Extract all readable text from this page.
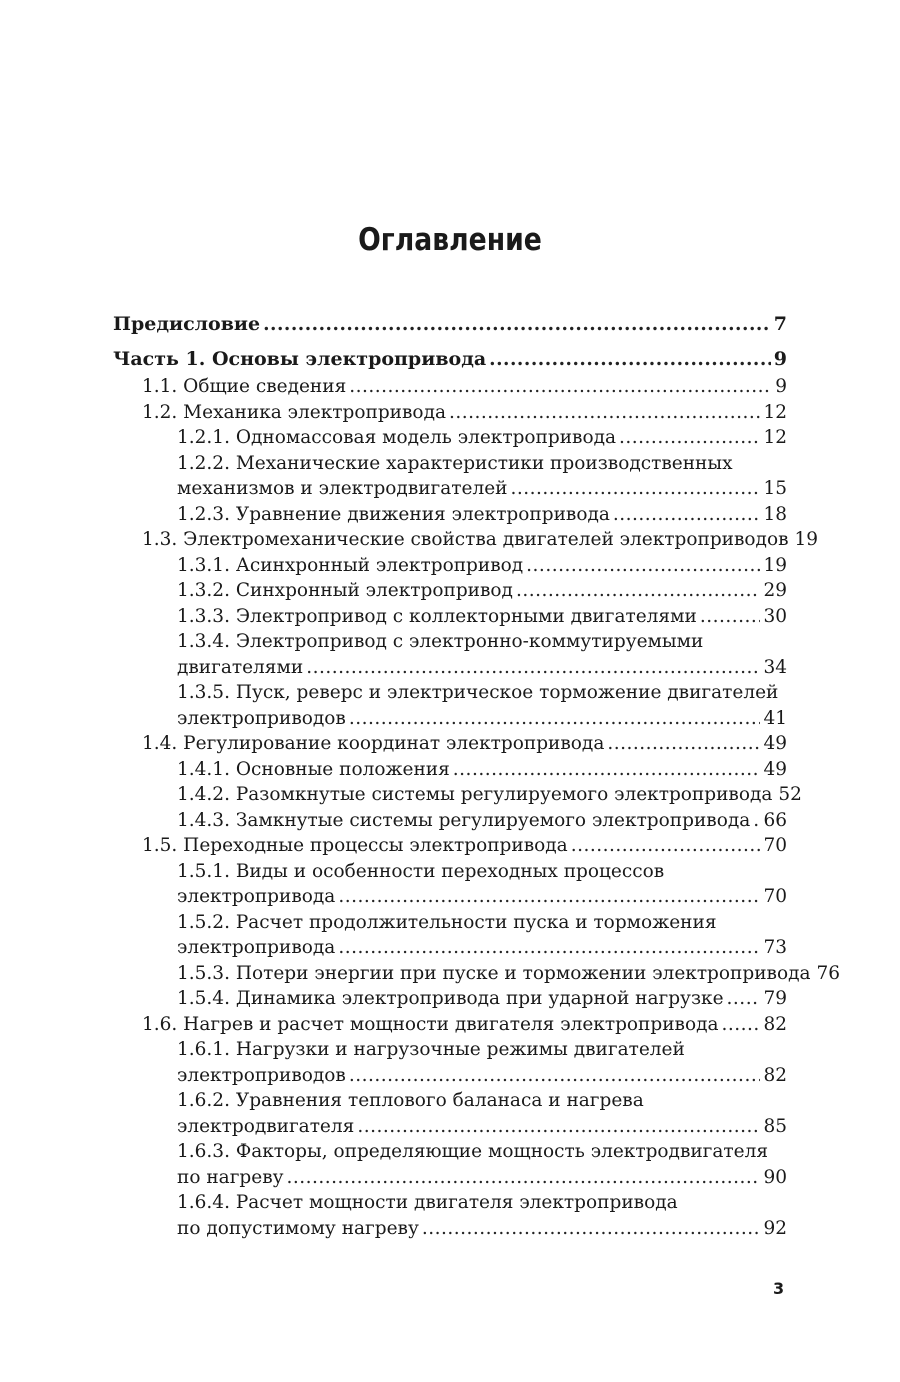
Оглавление
Предисловие .....	7
Часть 1. Основы электропривода .....	9
1.1. Общие сведения .....	9
1.2. Механика электропривода .....	12
1.2.1. Одномассовая модель электропривода .....	12
1.2.2. Механические характеристики производственных
механизмов и электродвигателей .....	15
1.2.3. Уравнение движения электропривода .....	18
1.3. Электромеханические свойства двигателей электроприводов 19
1.3.1. Асинхронный электропривод .....	19
1.3.2. Синхронный электропривод .....	29
1.3.3. Электропривод с коллекторными двигателями .....	30
1.3.4. Электропривод с электронно-коммутируемыми
двигателями .....	34
1.3.5. Пуск, реверс и электрическое торможение двигателей
электроприводов .....	41
1.4. Регулирование координат электропривода .....	49
1.4.1. Основные положения .....	49
1.4.2. Разомкнутые системы регулируемого электропривода 52
1.4.3. Замкнутые системы регулируемого электропривода ..... 66
1.5. Переходные процессы электропривода .....	70
1.5.1. Виды и особенности переходных процессов
электропривода .....	70
1.5.2. Расчет продолжительности пуска и торможения
электропривода .....	73
1.5.3. Потери энергии при пуске и торможении электропривода 76
1.5.4. Динамика электропривода при ударной нагрузке ..... 79
1.6. Нагрев и расчет мощности двигателя электропривода ..... 82
1.6.1. Нагрузки и нагрузочные режимы двигателей
электроприводов .....	82
1.6.2. Уравнения теплового баланаса и нагрева
электродвигателя .....	85
1.6.3. Факторы, определяющие мощность электродвигателя
по нагреву .....	90
1.6.4. Расчет мощности двигателя электропривода
по допустимому нагреву .....	92
3
